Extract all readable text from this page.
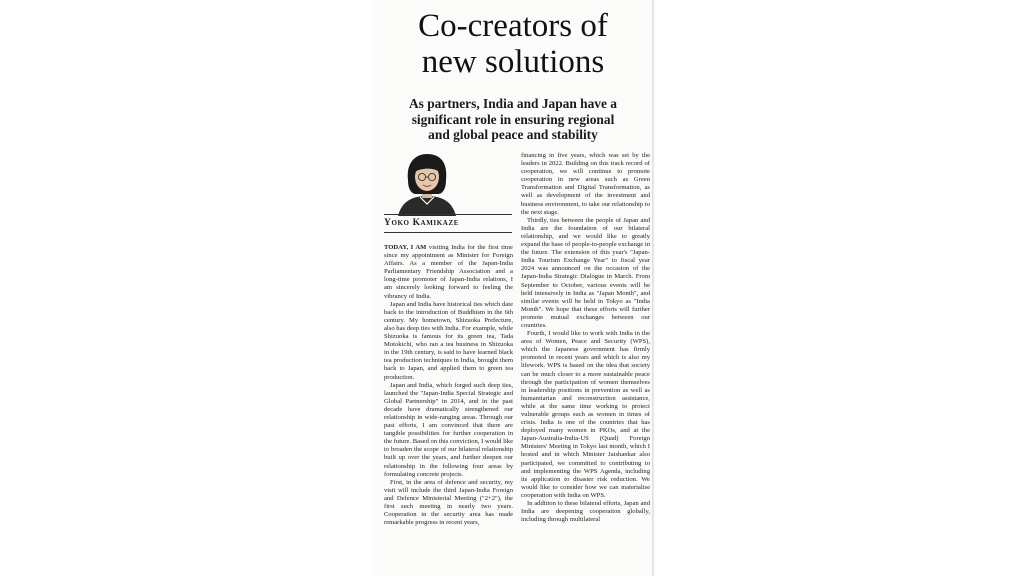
Co-creators of
new solutions
As partners, India and Japan have a
significant role in ensuring regional
and global peace and stability
Yoko Kamikaze

TODAY, I AM visiting India for the first time since my appointment as Minister for Foreign Affairs. As a member of the Japan-India Parliamentary Friendship Association and a long-time promoter of Japan-India relations, I am sincerely looking forward to feeling the vibrancy of India.

Japan and India have historical ties which date back to the introduction of Buddhism in the 6th century. My hometown, Shizuoka Prefecture, also has deep ties with India. For example, while Shizuoka is famous for its green tea, Tada Motokichi, who ran a tea business in Shizuoka in the 19th century, is said to have learned black tea production techniques in India, brought them back to Japan, and applied them to green tea production.

Japan and India, which forged such deep ties, launched the "Japan-India Special Strategic and Global Partnership" in 2014, and in the past decade have dramatically strengthened our relationship in wide-ranging areas. Through our past efforts, I am convinced that there are tangible possibilities for further cooperation in the future. Based on this conviction, I would like to broaden the scope of our bilateral relationship built up over the years, and further deepen our relationship in the following four areas by formulating concrete projects.

First, in the area of defence and security, my visit will include the third Japan-India Foreign and Defence Ministerial Meeting ("2+2"), the first such meeting in nearly two years. Cooperation in the security area has made remarkable progress in recent years,

financing in five years, which was set by the leaders in 2022. Building on this track record of cooperation, we will continue to promote cooperation in new areas such as Green Transformation and Digital Transformation, as well as development of the investment and business environment, to take our relationship to the next stage.

Thirdly, ties between the people of Japan and India are the foundation of our bilateral relationship, and we would like to greatly expand the base of people-to-people exchange in the future. The extension of this year's "Japan-India Tourism Exchange Year" to fiscal year 2024 was announced on the occasion of the Japan-India Strategic Dialogue in March. From September to October, various events will be held intensively in India as "Japan Month", and similar events will be held in Tokyo as "India Month". We hope that these efforts will further promote mutual exchanges between our countries.

Fourth, I would like to work with India in the area of Women, Peace and Security (WPS), which the Japanese government has firmly promoted in recent years and which is also my lifework. WPS is based on the idea that society can be much closer to a more sustainable peace through the participation of women themselves in leadership positions in prevention as well as humanitarian and reconstruction assistance, while at the same time working to protect vulnerable groups such as women in times of crisis. India is one of the countries that has deployed many women in PKOs, and at the Japan-Australia-India-US (Quad) Foreign Ministers' Meeting in Tokyo last month, which I hosted and in which Minister Jaishankar also participated, we committed to contributing to and implementing the WPS Agenda, including its application to disaster risk reduction. We would like to consider how we can materialise cooperation with India on WPS.

In addition to these bilateral efforts, Japan and India are deepening cooperation globally, including through multilateral
